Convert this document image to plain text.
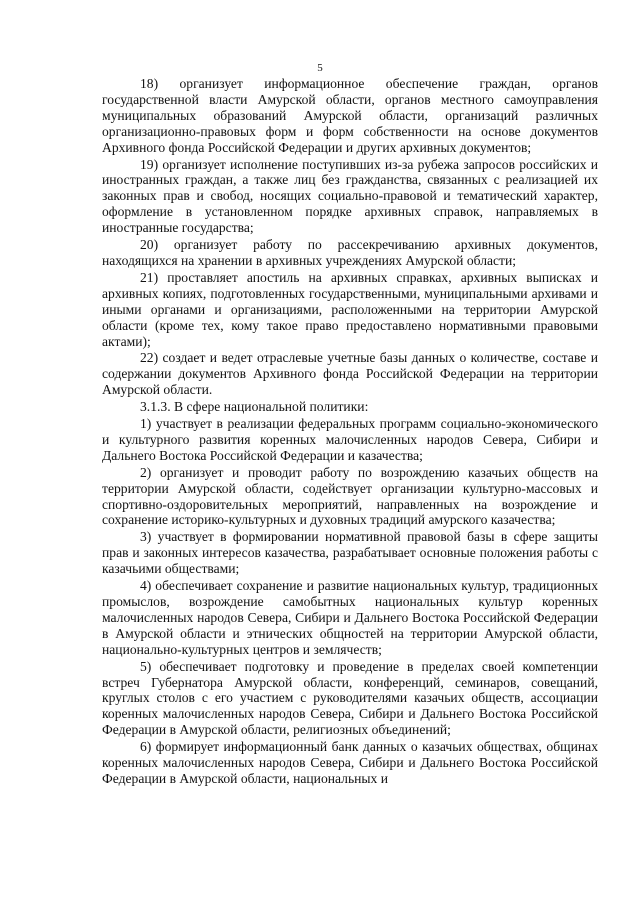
5

18) организует информационное обеспечение граждан, органов государственной власти Амурской области, органов местного самоуправления муниципальных образований Амурской области, организаций различных организационно-правовых форм и форм собственности на основе документов Архивного фонда Российской Федерации и других архивных документов;

19) организует исполнение поступивших из-за рубежа запросов российских и иностранных граждан, а также лиц без гражданства, связанных с реализацией их законных прав и свобод, носящих социально-правовой и тематический характер, оформление в установленном порядке архивных справок, направляемых в иностранные государства;

20) организует работу по рассекречиванию архивных документов, находящихся на хранении в архивных учреждениях Амурской области;

21) проставляет апостиль на архивных справках, архивных выписках и архивных копиях, подготовленных государственными, муниципальными архивами и иными органами и организациями, расположенными на территории Амурской области (кроме тех, кому такое право предоставлено нормативными правовыми актами);

22) создает и ведет отраслевые учетные базы данных о количестве, составе и содержании документов Архивного фонда Российской Федерации на территории Амурской области.

3.1.3. В сфере национальной политики:

1) участвует в реализации федеральных программ социально-экономического и культурного развития коренных малочисленных народов Севера, Сибири и Дальнего Востока Российской Федерации и казачества;

2) организует и проводит работу по возрождению казачьих обществ на территории Амурской области, содействует организации культурно-массовых и спортивно-оздоровительных мероприятий, направленных на возрождение и сохранение историко-культурных и духовных традиций амурского казачества;

3) участвует в формировании нормативной правовой базы в сфере защиты прав и законных интересов казачества, разрабатывает основные положения работы с казачьими обществами;

4) обеспечивает сохранение и развитие национальных культур, традиционных промыслов, возрождение самобытных национальных культур коренных малочисленных народов Севера, Сибири и Дальнего Востока Российской Федерации в Амурской области и этнических общностей на территории Амурской области, национально-культурных центров и землячеств;

5) обеспечивает подготовку и проведение в пределах своей компетенции встреч Губернатора Амурской области, конференций, семинаров, совещаний, круглых столов с его участием с руководителями казачьих обществ, ассоциации коренных малочисленных народов Севера, Сибири и Дальнего Востока Российской Федерации в Амурской области, религиозных объединений;

6) формирует информационный банк данных о казачьих обществах, общинах коренных малочисленных народов Севера, Сибири и Дальнего Востока Российской Федерации в Амурской области, национальных и
